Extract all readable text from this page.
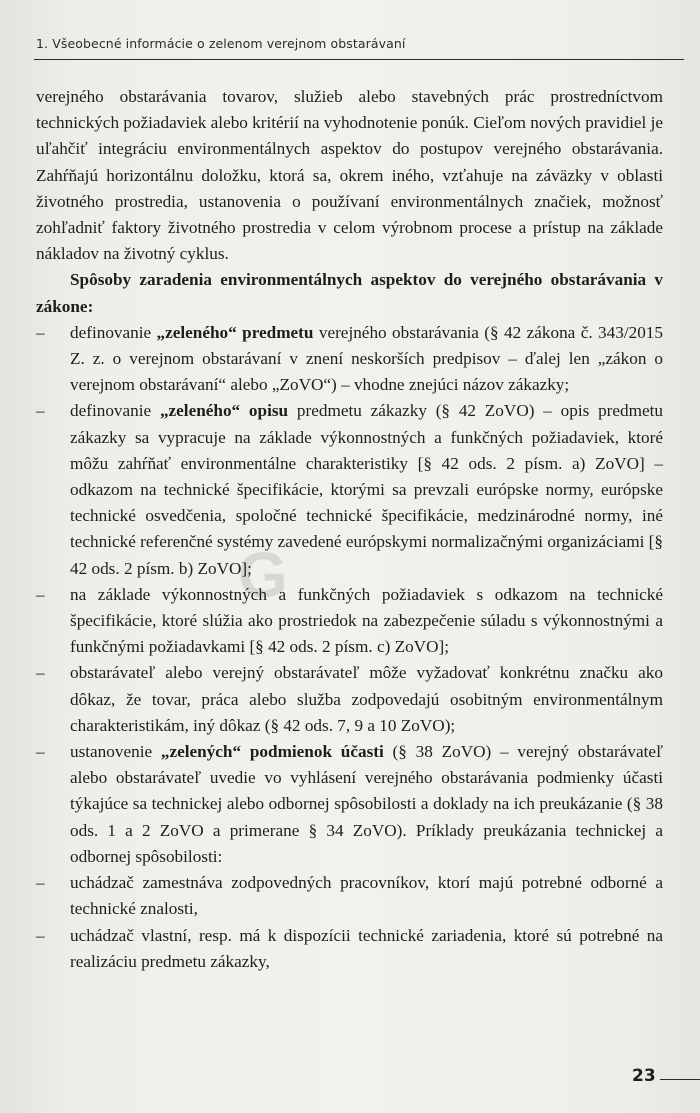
1. Všeobecné informácie o zelenom verejnom obstarávaní
G

verejného obstarávania tovarov, služieb alebo stavebných prác prostredníctvom technických požiadaviek alebo kritérií na vyhodnotenie ponúk. Cieľom nových pravidiel je uľahčiť integráciu environmentálnych aspektov do postupov verejného obstarávania. Zahŕňajú horizontálnu doložku, ktorá sa, okrem iného, vzťahuje na záväzky v oblasti životného prostredia, ustanovenia o používaní environmentálnych značiek, možnosť zohľadniť faktory životného prostredia v celom výrobnom procese a prístup na základe nákladov na životný cyklus.

Spôsoby zaradenia environmentálnych aspektov do verejného obstarávania v zákone:

– definovanie „zeleného“ predmetu verejného obstarávania (§ 42 zákona č. 343/2015 Z. z. o verejnom obstarávaní v znení neskorších predpisov – ďalej len „zákon o verejnom obstarávaní“ alebo „ZoVO“) – vhodne znejúci názov zákazky;
– definovanie „zeleného“ opisu predmetu zákazky (§ 42 ZoVO) – opis predmetu zákazky sa vypracuje na základe výkonnostných a funkčných požiadaviek, ktoré môžu zahŕňať environmentálne charakteristiky [§ 42 ods. 2 písm. a) ZoVO] – odkazom na technické špecifikácie, ktorými sa prevzali európske normy, európske technické osvedčenia, spoločné technické špecifikácie, medzinárodné normy, iné technické referenčné systémy zavedené európskymi normalizačnými organizáciami [§ 42 ods. 2 písm. b) ZoVO];
– na základe výkonnostných a funkčných požiadaviek s odkazom na technické špecifikácie, ktoré slúžia ako prostriedok na zabezpečenie súladu s výkonnostnými a funkčnými požiadavkami [§ 42 ods. 2 písm. c) ZoVO];
– obstarávateľ alebo verejný obstarávateľ môže vyžadovať konkrétnu značku ako dôkaz, že tovar, práca alebo služba zodpovedajú osobitným environmentálnym charakteristikám, iný dôkaz (§ 42 ods. 7, 9 a 10 ZoVO);
– ustanovenie „zelených“ podmienok účasti (§ 38 ZoVO) – verejný obstarávateľ alebo obstarávateľ uvedie vo vyhlásení verejného obstarávania podmienky účasti týkajúce sa technickej alebo odbornej spôsobilosti a doklady na ich preukázanie (§ 38 ods. 1 a 2 ZoVO a primerane § 34 ZoVO). Príklady preukázania technickej a odbornej spôsobilosti:
– uchádzač zamestnáva zodpovedných pracovníkov, ktorí majú potrebné odborné a technické znalosti,
– uchádzač vlastní, resp. má k dispozícii technické zariadenia, ktoré sú potrebné na realizáciu predmetu zákazky,
23
